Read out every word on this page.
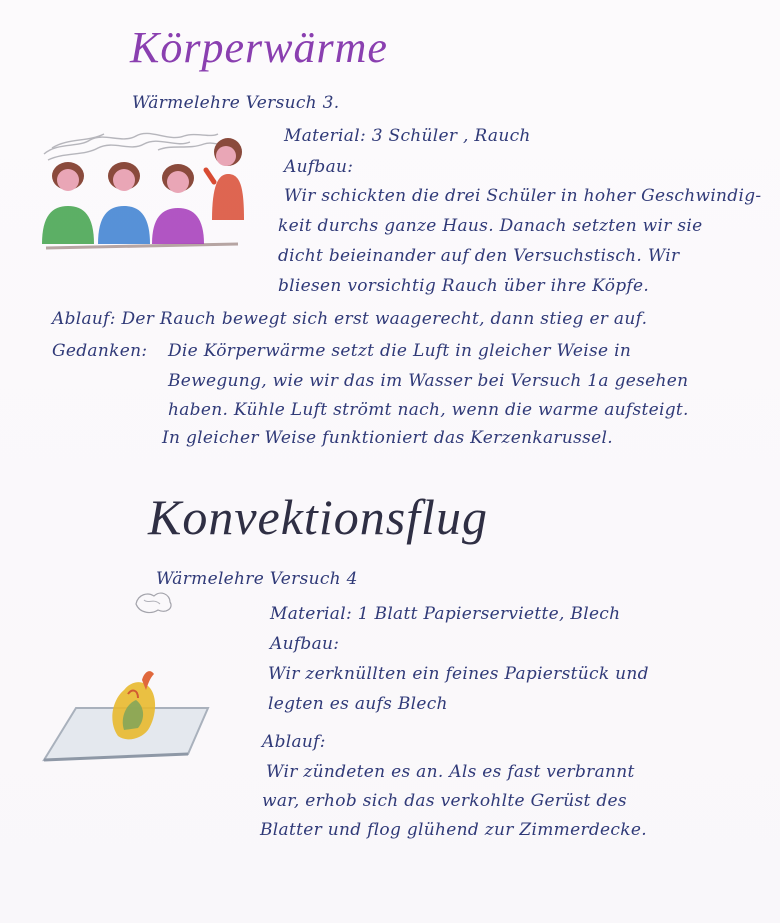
Körperwärme
Wärmelehre Versuch 3.
Material: 3 Schüler , Rauch
Aufbau:
Wir schickten die drei Schüler in hoher Geschwindig-
keit durchs ganze Haus. Danach setzten wir sie
dicht beieinander auf den Versuchstisch. Wir
bliesen vorsichtig Rauch über ihre Köpfe.
Ablauf: Der Rauch bewegt sich erst waagerecht, dann stieg er auf.
Gedanken: Die Körperwärme setzt die Luft in gleicher Weise in
Bewegung, wie wir das im Wasser bei Versuch 1a gesehen
haben. Kühle Luft strömt nach, wenn die warme aufsteigt.
In gleicher Weise funktioniert das Kerzenkarussel.
Konvektionsflug
Wärmelehre Versuch 4
Material: 1 Blatt Papierserviette, Blech
Aufbau:
Wir zerknüllten ein feines Papierstück und
legten es aufs Blech
Ablauf:
Wir zündeten es an. Als es fast verbrannt
war, erhob sich das verkohlte Gerüst des
Blatter und flog glühend zur Zimmerdecke.
